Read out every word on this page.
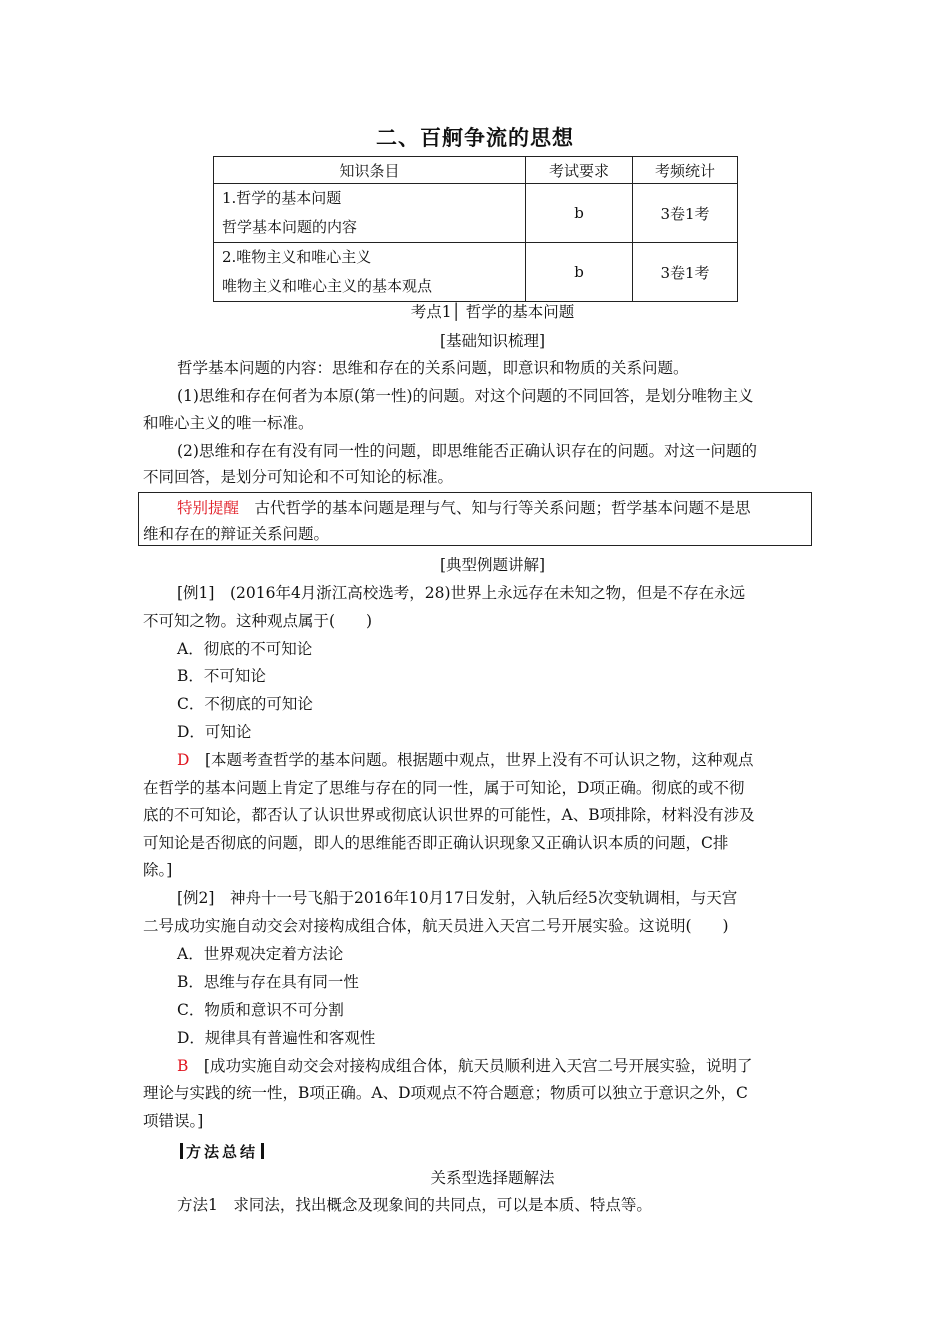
二、百舸争流的思想
知识条目	考试要求	考频统计

1.哲学的基本问题
哲学基本问题的内容	b	3卷1考

2.唯物主义和唯心主义
唯物主义和唯心主义的基本观点	b	3卷1考
考点1│ 哲学的基本问题
[基础知识梳理]
哲学基本问题的内容：思维和存在的关系问题，即意识和物质的关系问题。
(1)思维和存在何者为本原(第一性)的问题。对这个问题的不同回答，是划分唯物主义
和唯心主义的唯一标准。
(2)思维和存在有没有同一性的问题，即思维能否正确认识存在的问题。对这一问题的
不同回答，是划分可知论和不可知论的标准。
特别提醒　 古代哲学的基本问题是理与气、知与行等关系问题；哲学基本问题不是思
维和存在的辩证关系问题。
[典型例题讲解]
[例1]　(2016年4月浙江高校选考，28)世界上永远存在未知之物，但是不存在永远
不可知之物。这种观点属于(　　)
A．彻底的不可知论
B．不可知论
C．不彻底的可知论
D．可知论
D　 [本题考查哲学的基本问题。根据题中观点，世界上没有不可认识之物，这种观点
在哲学的基本问题上肯定了思维与存在的同一性，属于可知论，D项正确。彻底的或不彻
底的不可知论，都否认了认识世界或彻底认识世界的可能性，A、B项排除，材料没有涉及
可知论是否彻底的问题，即人的思维能否即正确认识现象又正确认识本质的问题，C排
除。]
[例2]　神舟十一号飞船于2016年10月17日发射，入轨后经5次变轨调相，与天宫
二号成功实施自动交会对接构成组合体，航天员进入天宫二号开展实验。这说明(　　)
A．世界观决定着方法论
B．思维与存在具有同一性
C．物质和意识不可分割
D．规律具有普遍性和客观性
B　 [成功实施自动交会对接构成组合体，航天员顺利进入天宫二号开展实验，说明了
理论与实践的统一性，B项正确。A、D项观点不符合题意；物质可以独立于意识之外，C
项错误。]
方法总结
关系型选择题解法
方法1　求同法，找出概念及现象间的共同点，可以是本质、特点等。
